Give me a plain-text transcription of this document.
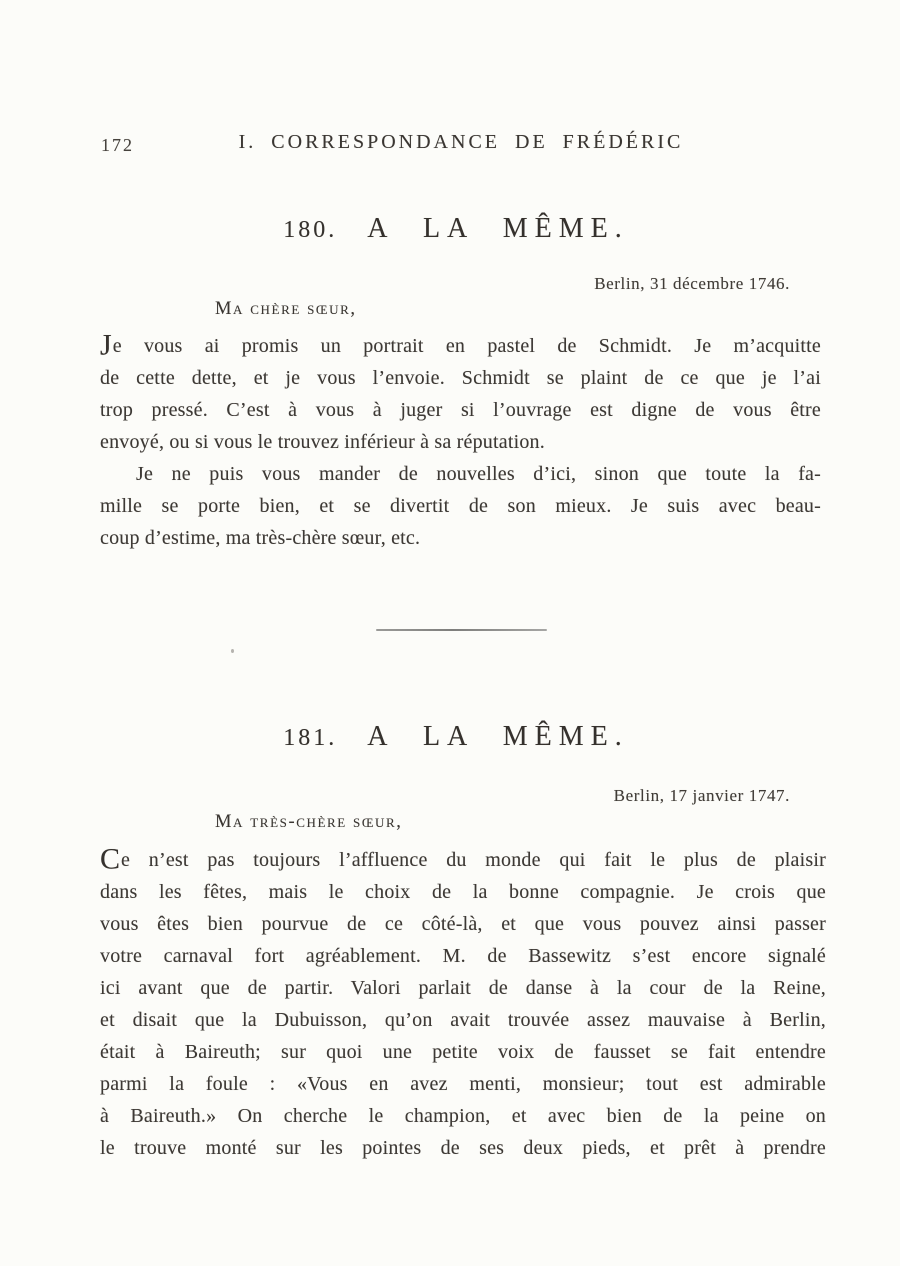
172	I. CORRESPONDANCE DE FRÉDÉRIC
180. A LA MÊME.
Berlin, 31 décembre 1746.
Ma chère sœur,
Je vous ai promis un portrait en pastel de Schmidt. Je m’acquitte
de cette dette, et je vous l’envoie. Schmidt se plaint de ce que je l’ai
trop pressé. C’est à vous à juger si l’ouvrage est digne de vous être
envoyé, ou si vous le trouvez inférieur à sa réputation.
Je ne puis vous mander de nouvelles d’ici, sinon que toute la fa-
mille se porte bien, et se divertit de son mieux. Je suis avec beau-
coup d’estime, ma très-chère sœur, etc.
181. A LA MÊME.
Berlin, 17 janvier 1747.
Ma très-chère sœur,
Ce n’est pas toujours l’affluence du monde qui fait le plus de plaisir
dans les fêtes, mais le choix de la bonne compagnie. Je crois que
vous êtes bien pourvue de ce côté-là, et que vous pouvez ainsi passer
votre carnaval fort agréablement. M. de Bassewitz s’est encore signalé
ici avant que de partir. Valori parlait de danse à la cour de la Reine,
et disait que la Dubuisson, qu’on avait trouvée assez mauvaise à Berlin,
était à Baireuth; sur quoi une petite voix de fausset se fait entendre
parmi la foule : «Vous en avez menti, monsieur; tout est admirable
à Baireuth.» On cherche le champion, et avec bien de la peine on
le trouve monté sur les pointes de ses deux pieds, et prêt à prendre
